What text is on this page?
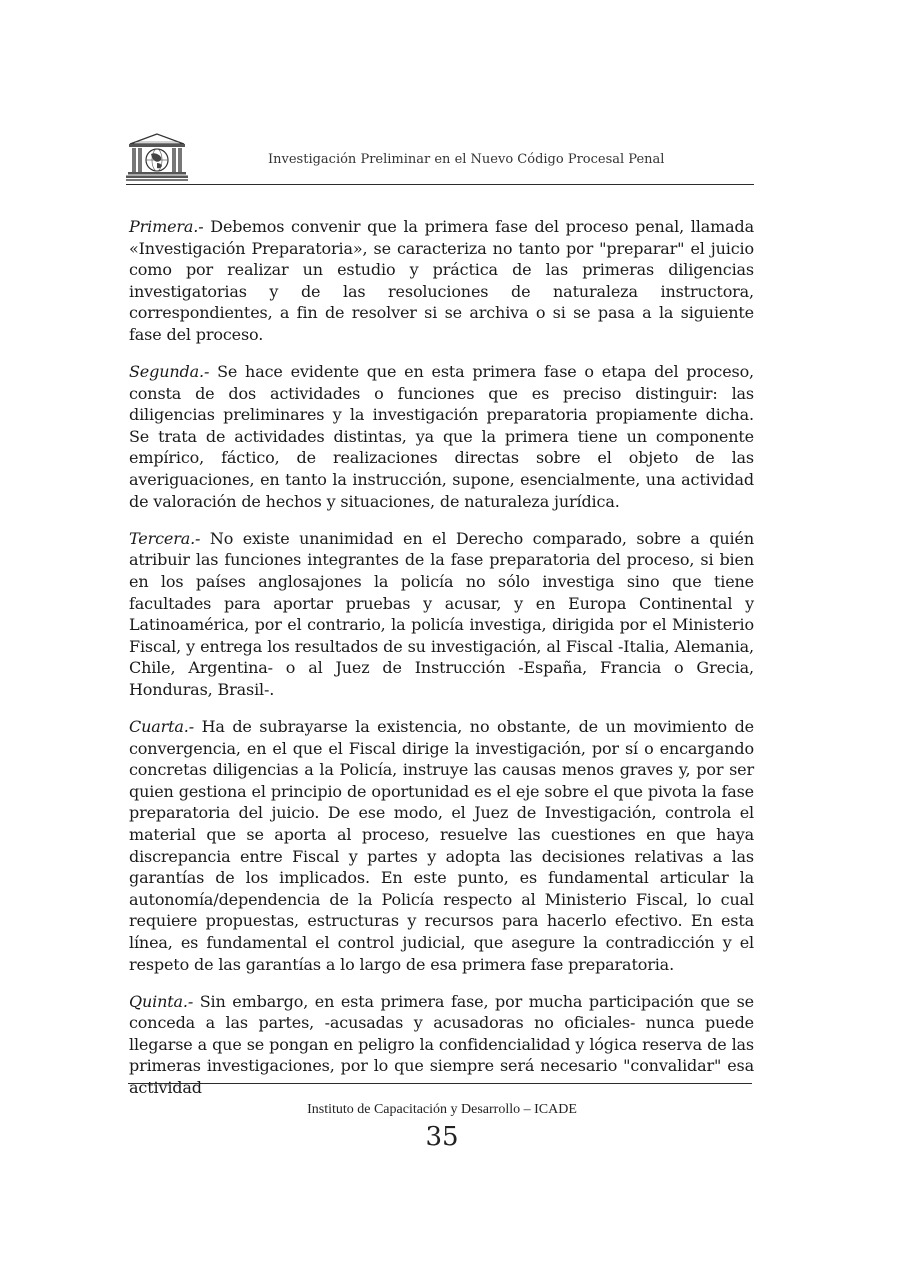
Investigación Preliminar en el Nuevo Código Procesal Penal

Primera.- Debemos convenir que la primera fase del proceso penal, llamada «Investigación Preparatoria», se caracteriza no tanto por "preparar" el juicio como por realizar un estudio y práctica de las primeras diligencias investigatorias y de las resoluciones de naturaleza instructora, correspondientes, a fin de resolver si se archiva o si se pasa a la siguiente fase del proceso.

Segunda.- Se hace evidente que en esta primera fase o etapa del proceso, consta de dos actividades o funciones que es preciso distinguir: las diligencias preliminares y la investigación preparatoria propiamente dicha. Se trata de actividades distintas, ya que la primera tiene un componente empírico, fáctico, de realizaciones directas sobre el objeto de las averiguaciones, en tanto la instrucción, supone, esencialmente, una actividad de valoración de hechos y situaciones, de naturaleza jurídica.

Tercera.- No existe unanimidad en el Derecho comparado, sobre a quién atribuir las funciones integrantes de la fase preparatoria del proceso, si bien en los países anglosajones la policía no sólo investiga sino que tiene facultades para aportar pruebas y acusar, y en Europa Continental y Latinoamérica, por el contrario, la policía investiga, dirigida por el Ministerio Fiscal, y entrega los resultados de su investigación, al Fiscal -Italia, Alemania, Chile, Argentina- o al Juez de Instrucción -España, Francia o Grecia, Honduras, Brasil-.

Cuarta.- Ha de subrayarse la existencia, no obstante, de un movimiento de convergencia, en el que el Fiscal dirige la investigación, por sí o encargando concretas diligencias a la Policía, instruye las causas menos graves y, por ser quien gestiona el principio de oportunidad es el eje sobre el que pivota la fase preparatoria del juicio. De ese modo, el Juez de Investigación, controla el material que se aporta al proceso, resuelve las cuestiones en que haya discrepancia entre Fiscal y partes y adopta las decisiones relativas a las garantías de los implicados. En este punto, es fundamental articular la autonomía/dependencia de la Policía respecto al Ministerio Fiscal, lo cual requiere propuestas, estructuras y recursos para hacerlo efectivo. En esta línea, es fundamental el control judicial, que asegure la contradicción y el respeto de las garantías a lo largo de esa primera fase preparatoria.

Quinta.- Sin embargo, en esta primera fase, por mucha participación que se conceda a las partes, -acusadas y acusadoras no oficiales- nunca puede llegarse a que se pongan en peligro la confidencialidad y lógica reserva de las primeras investigaciones, por lo que siempre será necesario "convalidar" esa actividad

Instituto de Capacitación y Desarrollo – ICADE
35
